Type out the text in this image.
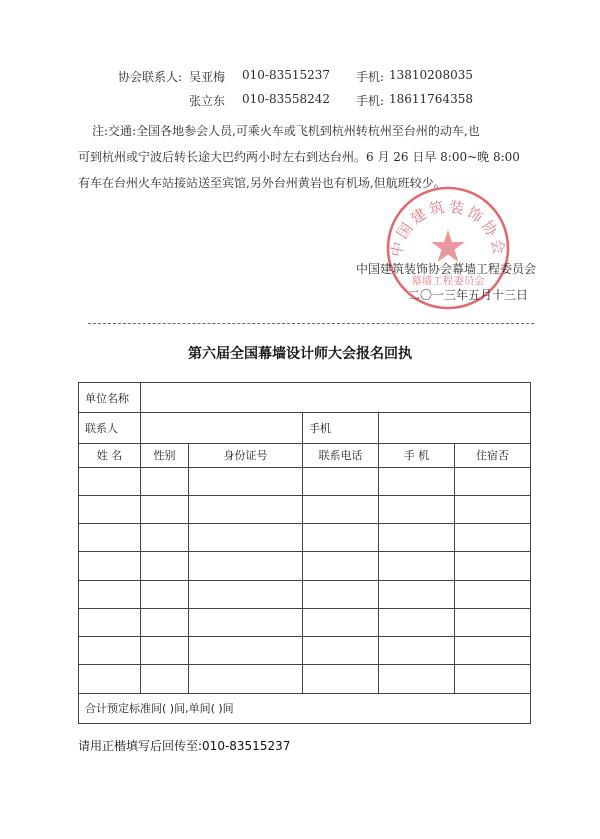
协会联系人: 吴亚梅 010-83515237 手机: 13810208035
张立东 010-83558242 手机: 18611764358
注:交通:全国各地参会人员,可乘火车或飞机到杭州转杭州至台州的动车,也
可到杭州或宁波后转长途大巴约两小时左右到达台州。6 月 26 日早 8:00~晚 8:00
有车在台州火车站接站送至宾馆,另外台州黄岩也有机场,但航班较少。
中国建筑装饰协会
幕墙工程委员会
中国建筑装饰协会幕墙工程委员会
二〇一三年五月十三日
第六届全国幕墙设计师大会报名回执
单位名称					
联系人			手机		
姓 名	性别	身份证号	联系电话	手 机	住宿否

合计预定标准间( )间,单间( )间					
请用正楷填写后回传至:010-83515237
